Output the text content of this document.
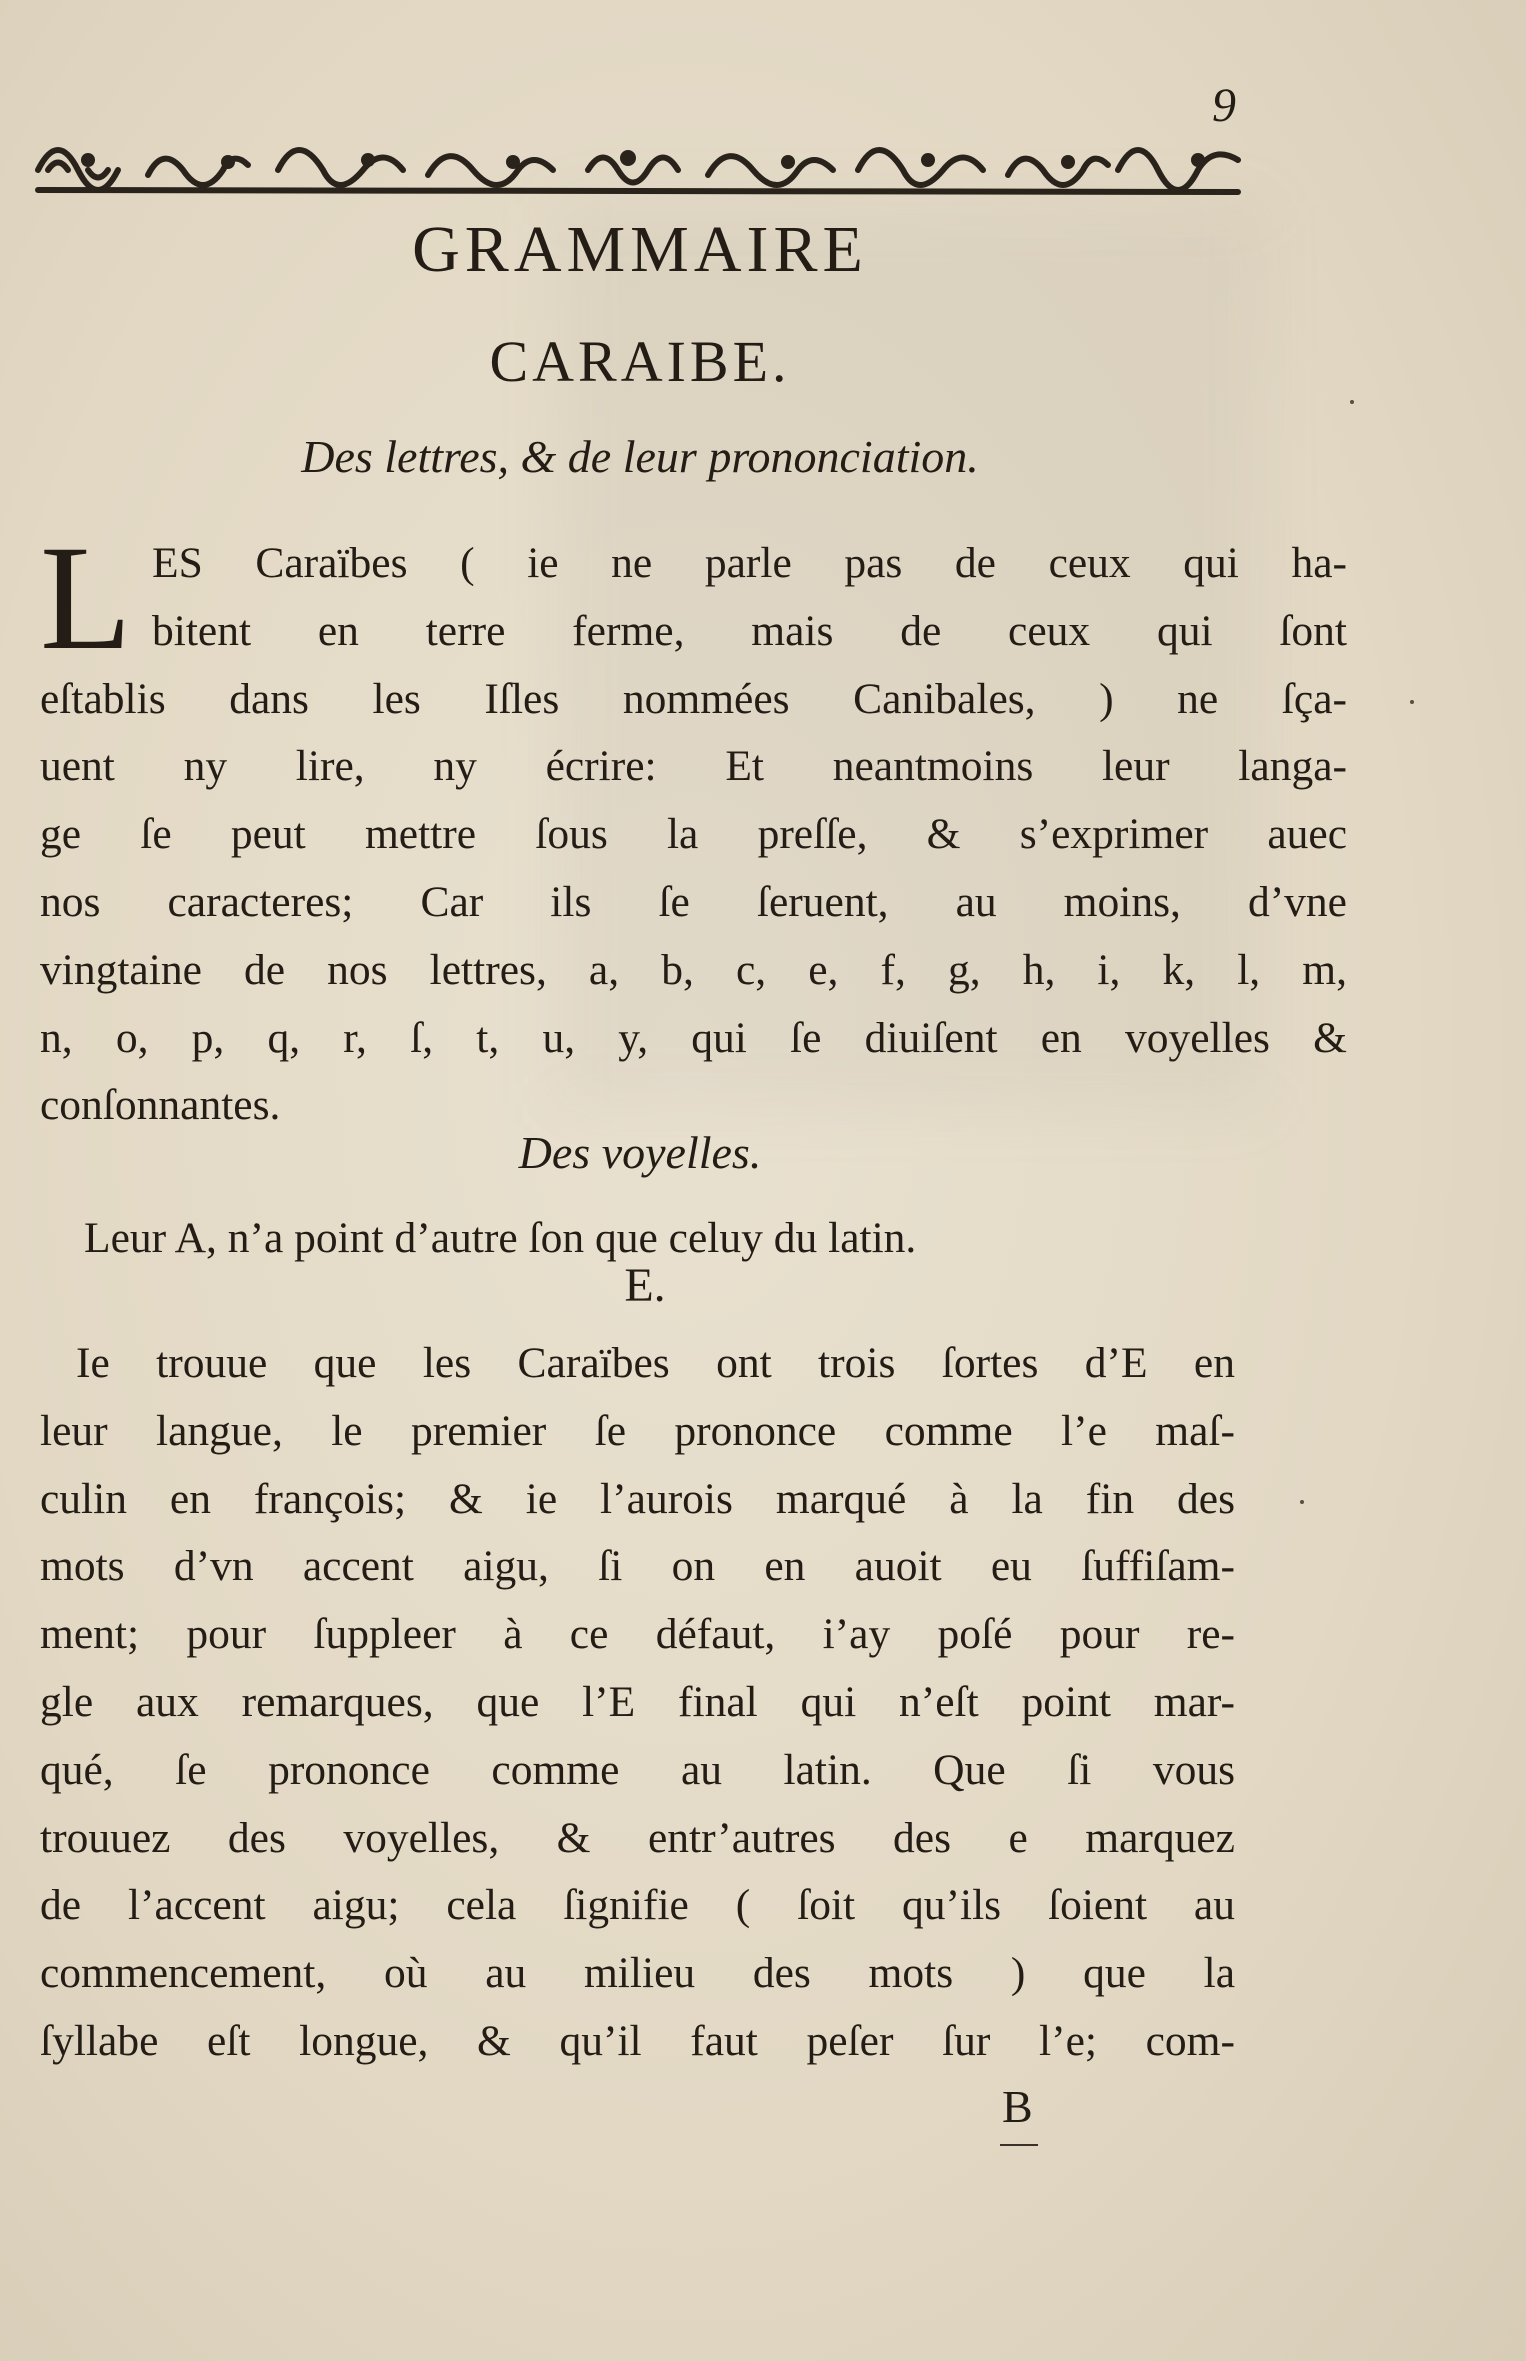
9
GRAMMAIRE
CARAIBE.
Des lettres, & de leur prononciation.
L ES Caraïbes ( ie ne parle pas de ceux qui ha-
bitent en terre ferme, mais de ceux qui ſont
eſtablis dans les Iſles nommées Canibales, ) ne ſça-
uent ny lire, ny écrire: Et neantmoins leur langa-
ge ſe peut mettre ſous la preſſe, & s’exprimer auec
nos caracteres; Car ils ſe ſeruent, au moins, d’vne
vingtaine de nos lettres, a, b, c, e, f, g, h, i, k, l, m,
n, o, p, q, r, ſ, t, u, y, qui ſe diuiſent en voyelles &
conſonnantes.
Des voyelles.
Leur A, n’a point d’autre ſon que celuy du latin.
E.
Ie trouue que les Caraïbes ont trois ſortes d’E en
leur langue, le premier ſe prononce comme l’e maſ-
culin en françois; & ie l’aurois marqué à la fin des
mots d’vn accent aigu, ſi on en auoit eu ſuffiſam-
ment; pour ſuppleer à ce défaut, i’ay poſé pour re-
gle aux remarques, que l’E final qui n’eſt point mar-
qué, ſe prononce comme au latin. Que ſi vous
trouuez des voyelles, & entr’autres des e marquez
de l’accent aigu; cela ſignifie ( ſoit qu’ils ſoient au
commencement, où au milieu des mots ) que la
ſyllabe eſt longue, & qu’il faut peſer ſur l’e; com-
B
